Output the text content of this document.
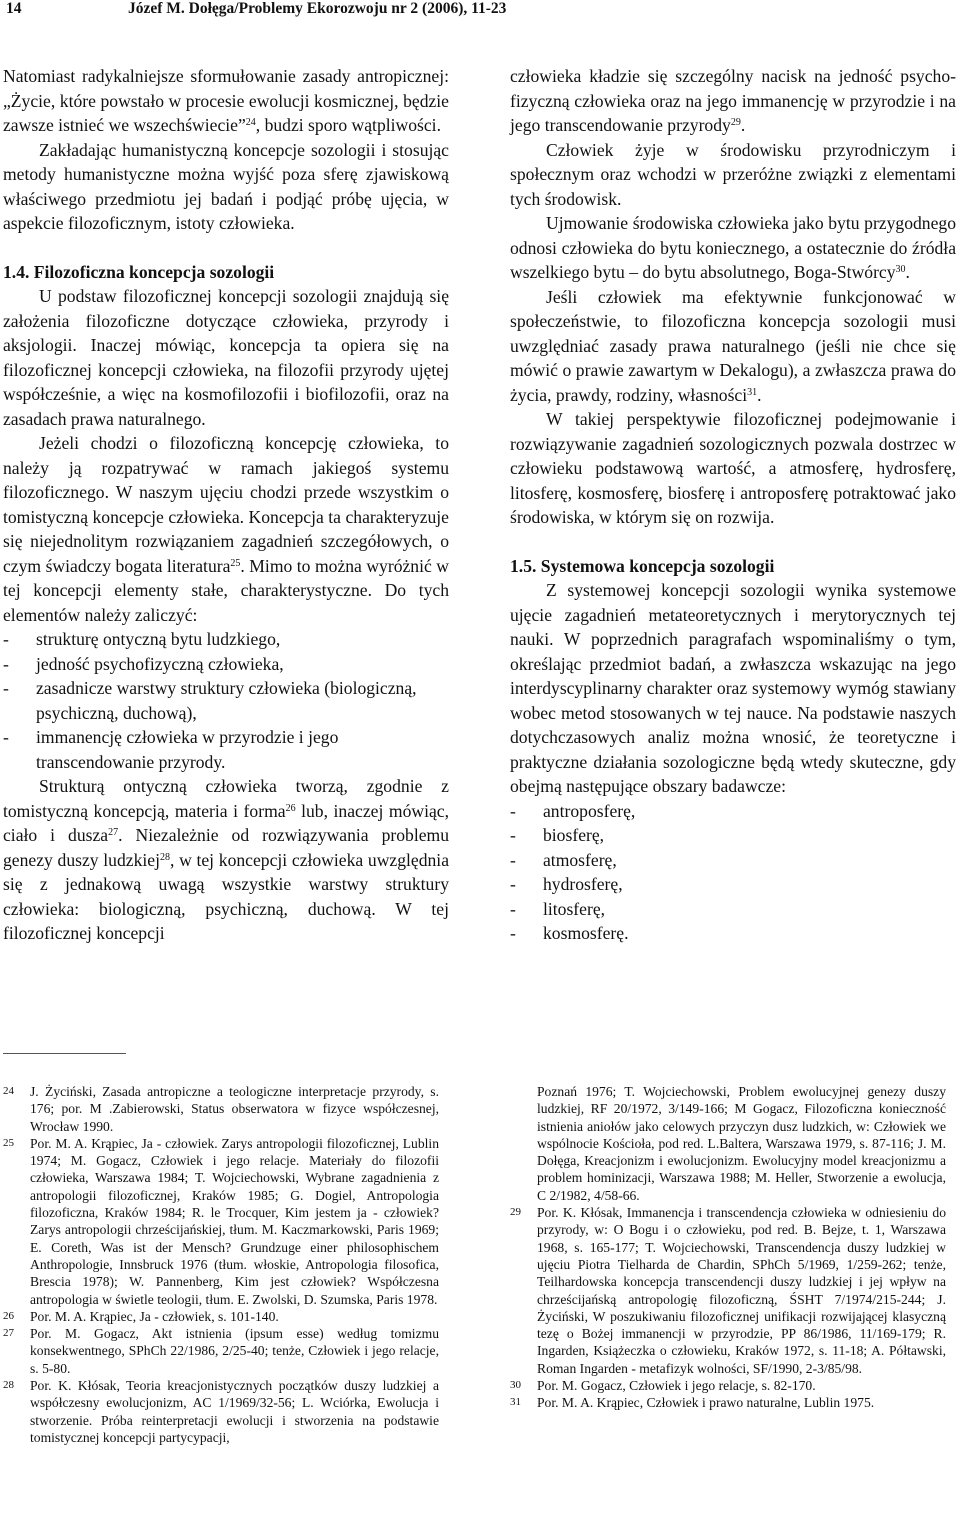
14	Józef M. Dołęga/Problemy Ekorozwoju nr 2 (2006), 11-23

Natomiast radykalniejsze sformułowanie zasady antropicznej: „Życie, które powstało w procesie ewolucji kosmicznej, będzie zawsze istnieć we wszechświecie”$^{24}$, budzi sporo wątpliwości.

Zakładając humanistyczną koncepcje sozologii i stosując metody humanistyczne można wyjść poza sferę zjawiskową właściwego przedmiotu jej badań i podjąć próbę ujęcia, w aspekcie filozoficznym, istoty człowieka.

1.4. Filozoficzna koncepcja sozologii

U podstaw filozoficznej koncepcji sozologii znajdują się założenia filozoficzne dotyczące człowieka, przyrody i aksjologii. Inaczej mówiąc, koncepcja ta opiera się na filozoficznej koncepcji człowieka, na filozofii przyrody ujętej współcześnie, a więc na kosmofilozofii i biofilozofii, oraz na zasadach prawa naturalnego.

Jeżeli chodzi o filozoficzną koncepcję człowieka, to należy ją rozpatrywać w ramach jakiegoś systemu filozoficznego. W naszym ujęciu chodzi przede wszystkim o tomistyczną koncepcje człowieka. Koncepcja ta charakteryzuje się niejednolitym rozwiązaniem zagadnień szczegółowych, o czym świadczy bogata literatura$^{25}$. Mimo to można wyróżnić w tej koncepcji elementy stałe, charakterystyczne. Do tych elementów należy zaliczyć:

-	strukturę ontyczną bytu ludzkiego,
-	jedność psychofizyczną człowieka,
-	zasadnicze warstwy struktury człowieka (biologiczną, psychiczną, duchową),
-	immanencję człowieka w przyrodzie i jego transcendowanie przyrody.

Strukturą ontyczną człowieka tworzą, zgodnie z tomistyczną koncepcją, materia i forma$^{26}$ lub, inaczej mówiąc, ciało i dusza$^{27}$. Niezależnie od rozwiązywania problemu genezy duszy ludzkiej$^{28}$, w tej koncepcji człowieka uwzględnia się z jednakową uwagą wszystkie warstwy struktury człowieka: biologiczną, psychiczną, duchową. W tej filozoficznej koncepcji

człowieka kładzie się szczególny nacisk na jedność psycho-fizyczną człowieka oraz na jego immanencję w przyrodzie i na jego transcendowanie przyrody$^{29}$.

Człowiek żyje w środowisku przyrodniczym i społecznym oraz wchodzi w przeróżne związki z elementami tych środowisk.

Ujmowanie środowiska człowieka jako bytu przygodnego odnosi człowieka do bytu koniecznego, a ostatecznie do źródła wszelkiego bytu – do bytu absolutnego, Boga-Stwórcy$^{30}$.

Jeśli człowiek ma efektywnie funkcjonować w społeczeństwie, to filozoficzna koncepcja sozologii musi uwzględniać zasady prawa naturalnego (jeśli nie chce się mówić o prawie zawartym w Dekalogu), a zwłaszcza prawa do życia, prawdy, rodziny, własności$^{31}$.

W takiej perspektywie filozoficznej podejmowanie i rozwiązywanie zagadnień sozologicznych pozwala dostrzec w człowieku podstawową wartość, a atmosferę, hydrosferę, litosferę, kosmosferę, biosferę i antroposferę potraktować jako środowiska, w którym się on rozwija.

1.5. Systemowa koncepcja sozologii

Z systemowej koncepcji sozologii wynika systemowe ujęcie zagadnień metateoretycznych i merytorycznych tej nauki. W poprzednich paragrafach wspominaliśmy o tym, określając przedmiot badań, a zwłaszcza wskazując na jego interdyscyplinarny charakter oraz systemowy wymóg stawiany wobec metod stosowanych w tej nauce. Na podstawie naszych dotychczasowych analiz można wnosić, że teoretyczne i praktyczne działania sozologiczne będą wtedy skuteczne, gdy obejmą następujące obszary badawcze:

-	antroposferę,
-	biosferę,
-	atmosferę,
-	hydrosferę,
-	litosferę,
-	kosmosferę.
24	J. Życiński, Zasada antropiczne a teologiczne interpretacje przyrody, s. 176; por. M .Zabierowski, Status obserwatora w fizyce współczesnej, Wrocław 1990.
25	Por. M. A. Krąpiec, Ja - człowiek. Zarys antropologii filozoficznej, Lublin 1974; M. Gogacz, Człowiek i jego relacje. Materiały do filozofii człowieka, Warszawa 1984; T. Wojciechowski, Wybrane zagadnienia z antropologii filozoficznej, Kraków 1985; G. Dogiel, Antropologia filozoficzna, Kraków 1984; R. le Trocquer, Kim jestem ja - człowiek? Zarys antropologii chrześcijańskiej, tłum. M. Kaczmarkowski, Paris 1969; E. Coreth, Was ist der Mensch? Grundzuge einer philosophischem Anthropologie, Innsbruck 1976 (tłum. włoskie, Antropologia filosofica, Brescia 1978); W. Pannenberg, Kim jest człowiek? Współczesna antropologia w świetle teologii, tłum. E. Zwolski, D. Szumska, Paris 1978.
26	Por. M. A. Krąpiec, Ja - człowiek, s. 101-140.
27	Por. M. Gogacz, Akt istnienia (ipsum esse) według tomizmu konsekwentnego, SPhCh 22/1986, 2/25-40; tenże, Człowiek i jego relacje, s. 5-80.
28	Por. K. Kłósak, Teoria kreacjonistycznych początków duszy ludzkiej a współczesny ewolucjonizm, AC 1/1969/32-56; L. Wciórka, Ewolucja i stworzenie. Próba reinterpretacji ewolucji i stworzenia na podstawie tomistycznej koncepcji partycypacji,
Poznań 1976; T. Wojciechowski, Problem ewolucyjnej genezy duszy ludzkiej, RF 20/1972, 3/149-166; M Gogacz, Filozoficzna konieczność istnienia aniołów jako celowych przyczyn dusz ludzkich, w: Człowiek we wspólnocie Kościoła, pod red. L.Baltera, Warszawa 1979, s. 87-116; J. M. Dołęga, Kreacjonizm i ewolucjonizm. Ewolucyjny model kreacjonizmu a problem hominizacji, Warszawa 1988; M. Heller, Stworzenie a ewolucja, C 2/1982, 4/58-66.
29	Por. K. Kłósak, Immanencja i transcendencja człowieka w odniesieniu do przyrody, w: O Bogu i o człowieku, pod red. B. Bejze, t. 1, Warszawa 1968, s. 165-177; T. Wojciechowski, Transcendencja duszy ludzkiej w ujęciu Piotra Tielharda de Chardin, SPhCh 5/1969, 1/259-262; tenże, Teilhardowska koncepcja transcendencji duszy ludzkiej i jej wpływ na chrześcijańską antropologię filozoficzną, ŚSHT 7/1974/215-244; J. Życiński, W poszukiwaniu filozoficznej unifikacji rozwijającej klasyczną tezę o Bożej immanencji w przyrodzie, PP 86/1986, 11/169-179; R. Ingarden, Książeczka o człowieku, Kraków 1972, s. 11-18; A. Półtawski, Roman Ingarden - metafizyk wolności, SF/1990, 2-3/85/98.
30	Por. M. Gogacz, Człowiek i jego relacje, s. 82-170.
31	Por. M. A. Krąpiec, Człowiek i prawo naturalne, Lublin 1975.
